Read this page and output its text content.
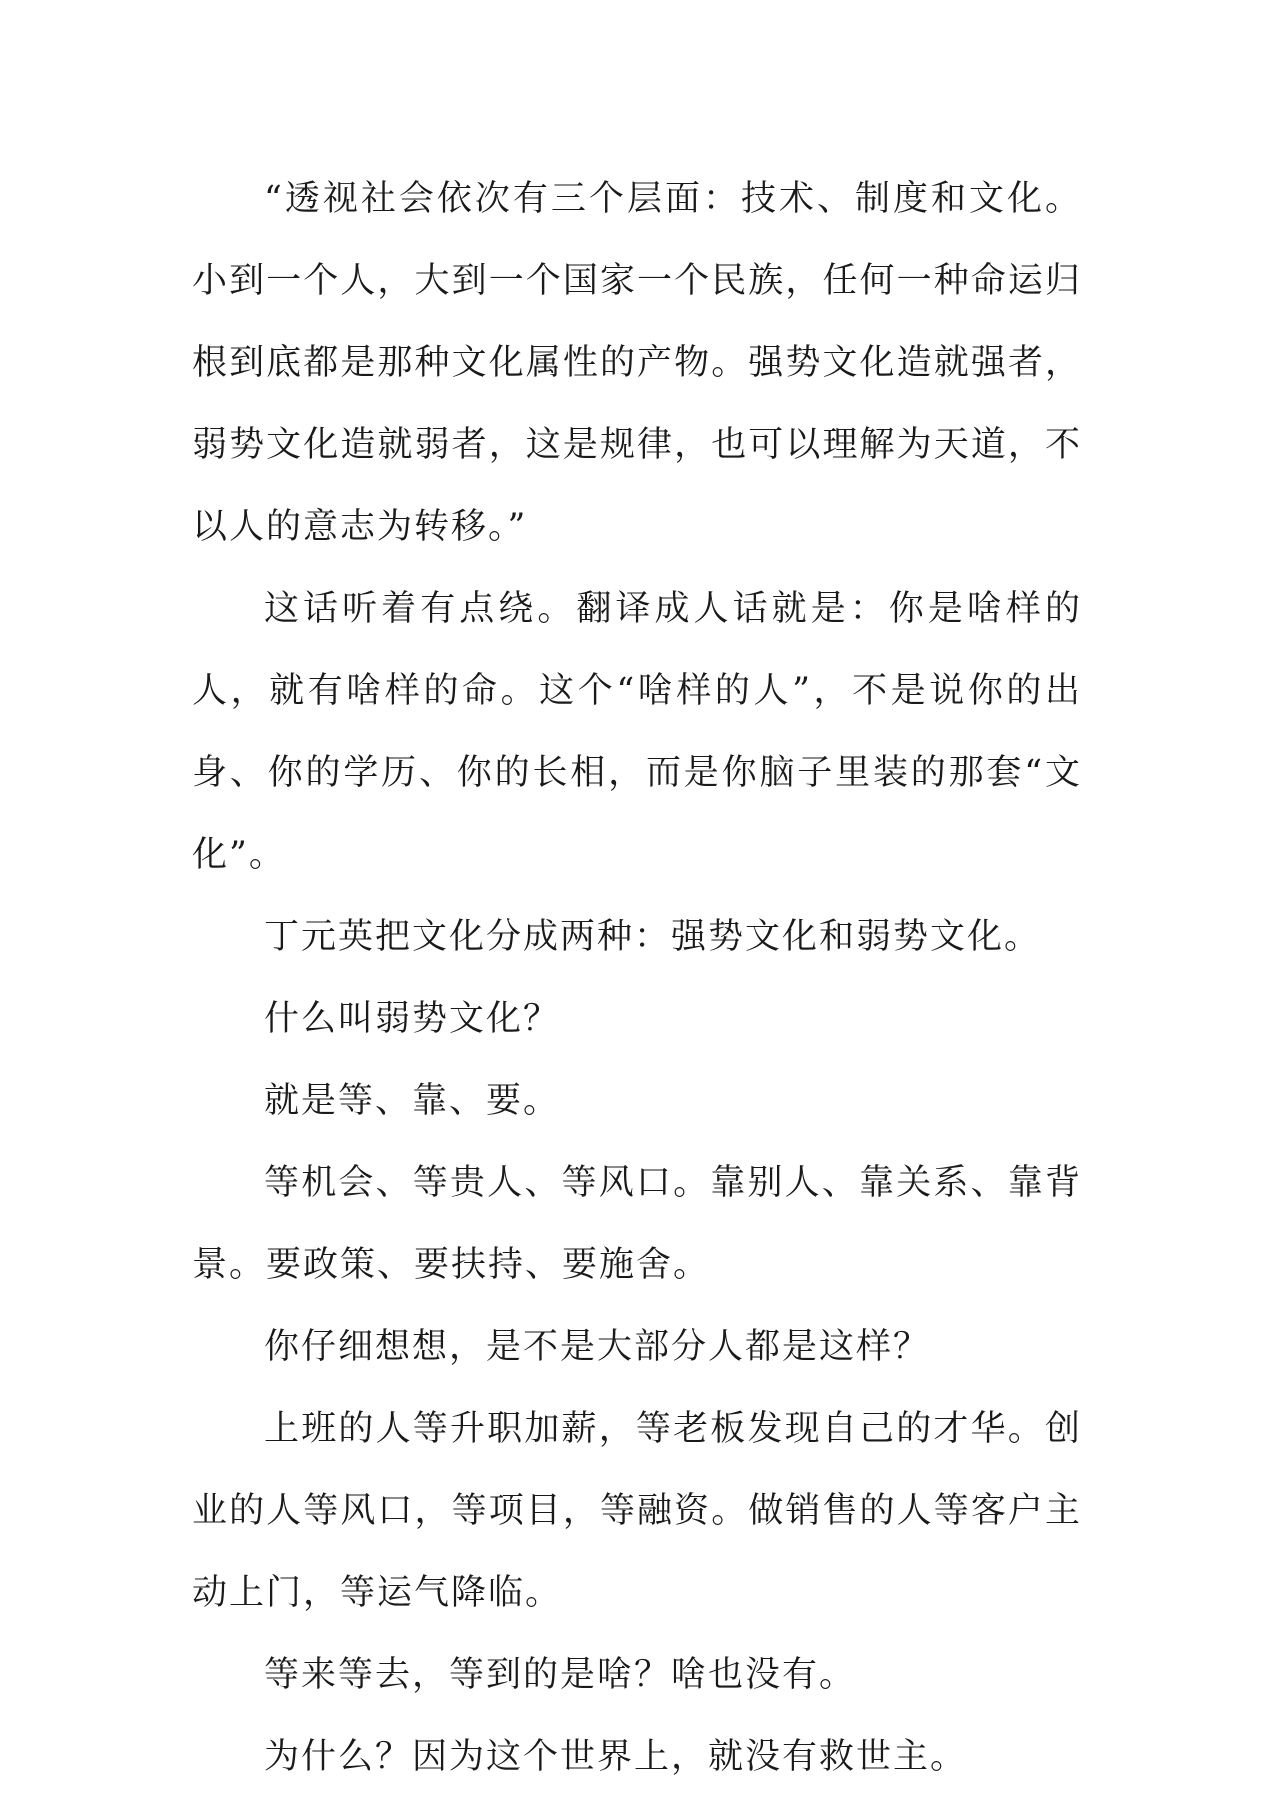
“透视社会依次有三个层面：技术、制度和文化。小到一个人，大到一个国家一个民族，任何一种命运归根到底都是那种文化属性的产物。强势文化造就强者，弱势文化造就弱者，这是规律，也可以理解为天道，不以人的意志为转移。”

这话听着有点绕。翻译成人话就是：你是啥样的人，就有啥样的命。这个“啥样的人”，不是说你的出身、你的学历、你的长相，而是你脑子里装的那套“文化”。

丁元英把文化分成两种：强势文化和弱势文化。

什么叫弱势文化？

就是等、靠、要。

等机会、等贵人、等风口。靠别人、靠关系、靠背景。要政策、要扶持、要施舍。

你仔细想想，是不是大部分人都是这样？

上班的人等升职加薪，等老板发现自己的才华。创业的人等风口，等项目，等融资。做销售的人等客户主动上门，等运气降临。

等来等去，等到的是啥？啥也没有。

为什么？因为这个世界上，就没有救世主。
